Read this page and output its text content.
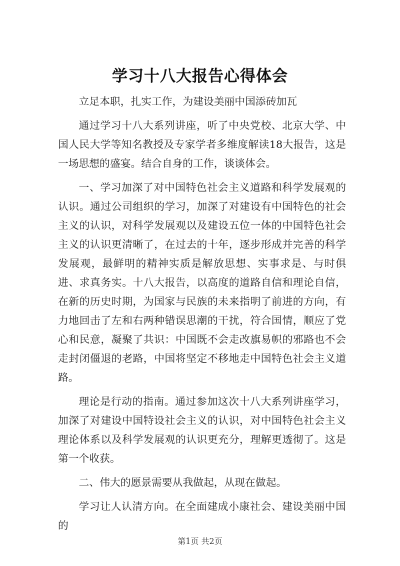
学习十八大报告心得体会

立足本职，扎实工作，为建设美丽中国添砖加瓦

通过学习十八大系列讲座，听了中央党校、北京大学、中国人民大学等知名教授及专家学者多维度解读18大报告，这是一场思想的盛宴。结合自身的工作，谈谈体会。

一、学习加深了对中国特色社会主义道路和科学发展观的认识。通过公司组织的学习，加深了对建设有中国特色的社会主义的认识，对科学发展观以及建设五位一体的中国特色社会主义的认识更清晰了，在过去的十年，逐步形成并完善的科学发展观，最鲜明的精神实质是解放思想、实事求是、与时俱进、求真务实。十八大报告，以高度的道路自信和理论自信，在新的历史时期，为国家与民族的未来指明了前进的方向，有力地回击了左和右两种错误思潮的干扰，符合国情，顺应了党心和民意，凝聚了共识：中国既不会走改旗易帜的邪路也不会走封闭僵退的老路，中国将坚定不移地走中国特色社会主义道路。

理论是行动的指南。通过参加这次十八大系列讲座学习，加深了对建设中国特设社会主义的认识，对中国特色社会主义理论体系以及科学发展观的认识更充分，理解更透彻了。这是第一个收获。

二、伟大的愿景需要从我做起，从现在做起。

学习让人认清方向。在全面建成小康社会、建设美丽中国的

第1页 共2页
